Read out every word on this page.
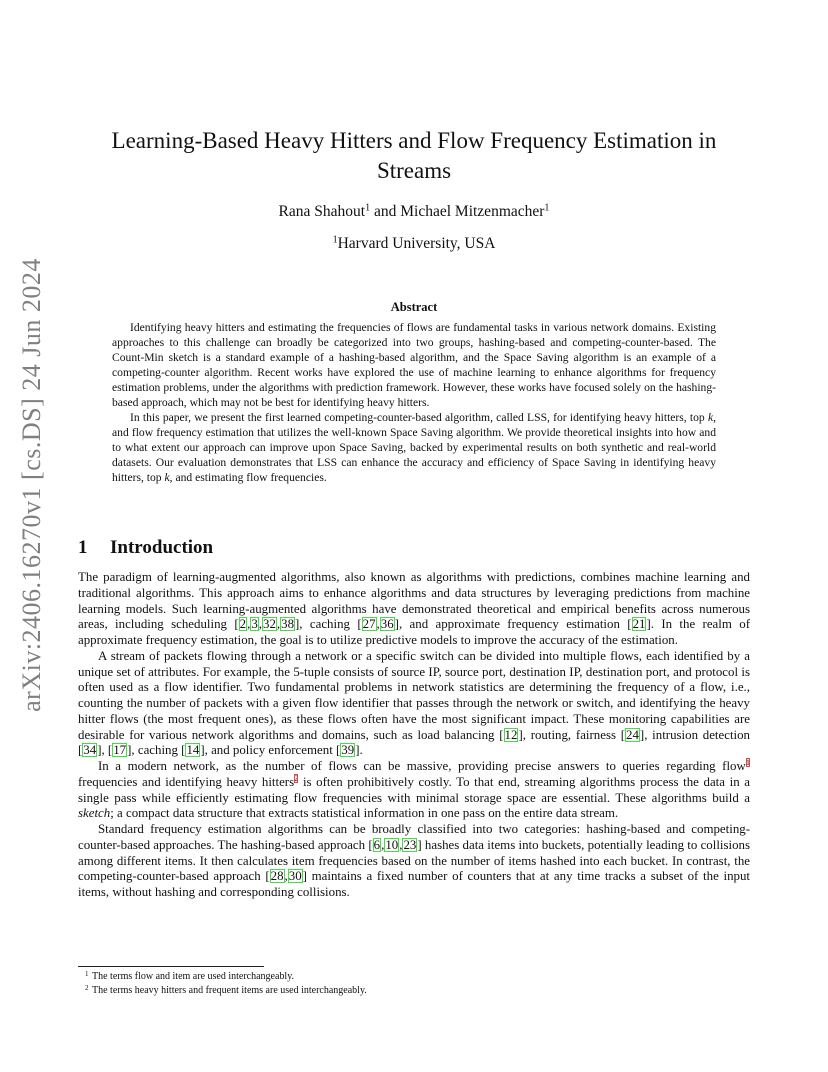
arXiv:2406.16270v1 [cs.DS] 24 Jun 2024
Learning-Based Heavy Hitters and Flow Frequency Estimation in Streams
Rana Shahout$^1$ and Michael Mitzenmacher$^1$
$^1$Harvard University, USA
Abstract

Identifying heavy hitters and estimating the frequencies of flows are fundamental tasks in various network domains. Existing approaches to this challenge can broadly be categorized into two groups, hashing-based and competing-counter-based. The Count-Min sketch is a standard example of a hashing-based algorithm, and the Space Saving algorithm is an example of a competing-counter algorithm. Recent works have explored the use of machine learning to enhance algorithms for frequency estimation problems, under the algorithms with prediction framework. However, these works have focused solely on the hashing-based approach, which may not be best for identifying heavy hitters.

In this paper, we present the first learned competing-counter-based algorithm, called LSS, for identifying heavy hitters, top k, and flow frequency estimation that utilizes the well-known Space Saving algorithm. We provide theoretical insights into how and to what extent our approach can improve upon Space Saving, backed by experimental results on both synthetic and real-world datasets. Our evaluation demonstrates that LSS can enhance the accuracy and efficiency of Space Saving in identifying heavy hitters, top k, and estimating flow frequencies.

1 Introduction

The paradigm of learning-augmented algorithms, also known as algorithms with predictions, combines machine learning and traditional algorithms. This approach aims to enhance algorithms and data structures by leveraging predictions from machine learning models. Such learning-augmented algorithms have demonstrated theoretical and empirical benefits across numerous areas, including scheduling [2,3,32,38], caching [27,36], and approximate frequency estimation [21]. In the realm of approximate frequency estimation, the goal is to utilize predictive models to improve the accuracy of the estimation.

A stream of packets flowing through a network or a specific switch can be divided into multiple flows, each identified by a unique set of attributes. For example, the 5-tuple consists of source IP, source port, destination IP, destination port, and protocol is often used as a flow identifier. Two fundamental problems in network statistics are determining the frequency of a flow, i.e., counting the number of packets with a given flow identifier that passes through the network or switch, and identifying the heavy hitter flows (the most frequent ones), as these flows often have the most significant impact. These monitoring capabilities are desirable for various network algorithms and domains, such as load balancing [12], routing, fairness [24], intrusion detection [34], [17], caching [14], and policy enforcement [39].

In a modern network, as the number of flows can be massive, providing precise answers to queries regarding flow$^1$ frequencies and identifying heavy hitters$^2$ is often prohibitively costly. To that end, streaming algorithms process the data in a single pass while efficiently estimating flow frequencies with minimal storage space are essential. These algorithms build a sketch; a compact data structure that extracts statistical information in one pass on the entire data stream.

Standard frequency estimation algorithms can be broadly classified into two categories: hashing-based and competing-counter-based approaches. The hashing-based approach [6,10,23] hashes data items into buckets, potentially leading to collisions among different items. It then calculates item frequencies based on the number of items hashed into each bucket. In contrast, the competing-counter-based approach [28,30] maintains a fixed number of counters that at any time tracks a subset of the input items, without hashing and corresponding collisions.

1 The terms flow and item are used interchangeably.
2 The terms heavy hitters and frequent items are used interchangeably.
